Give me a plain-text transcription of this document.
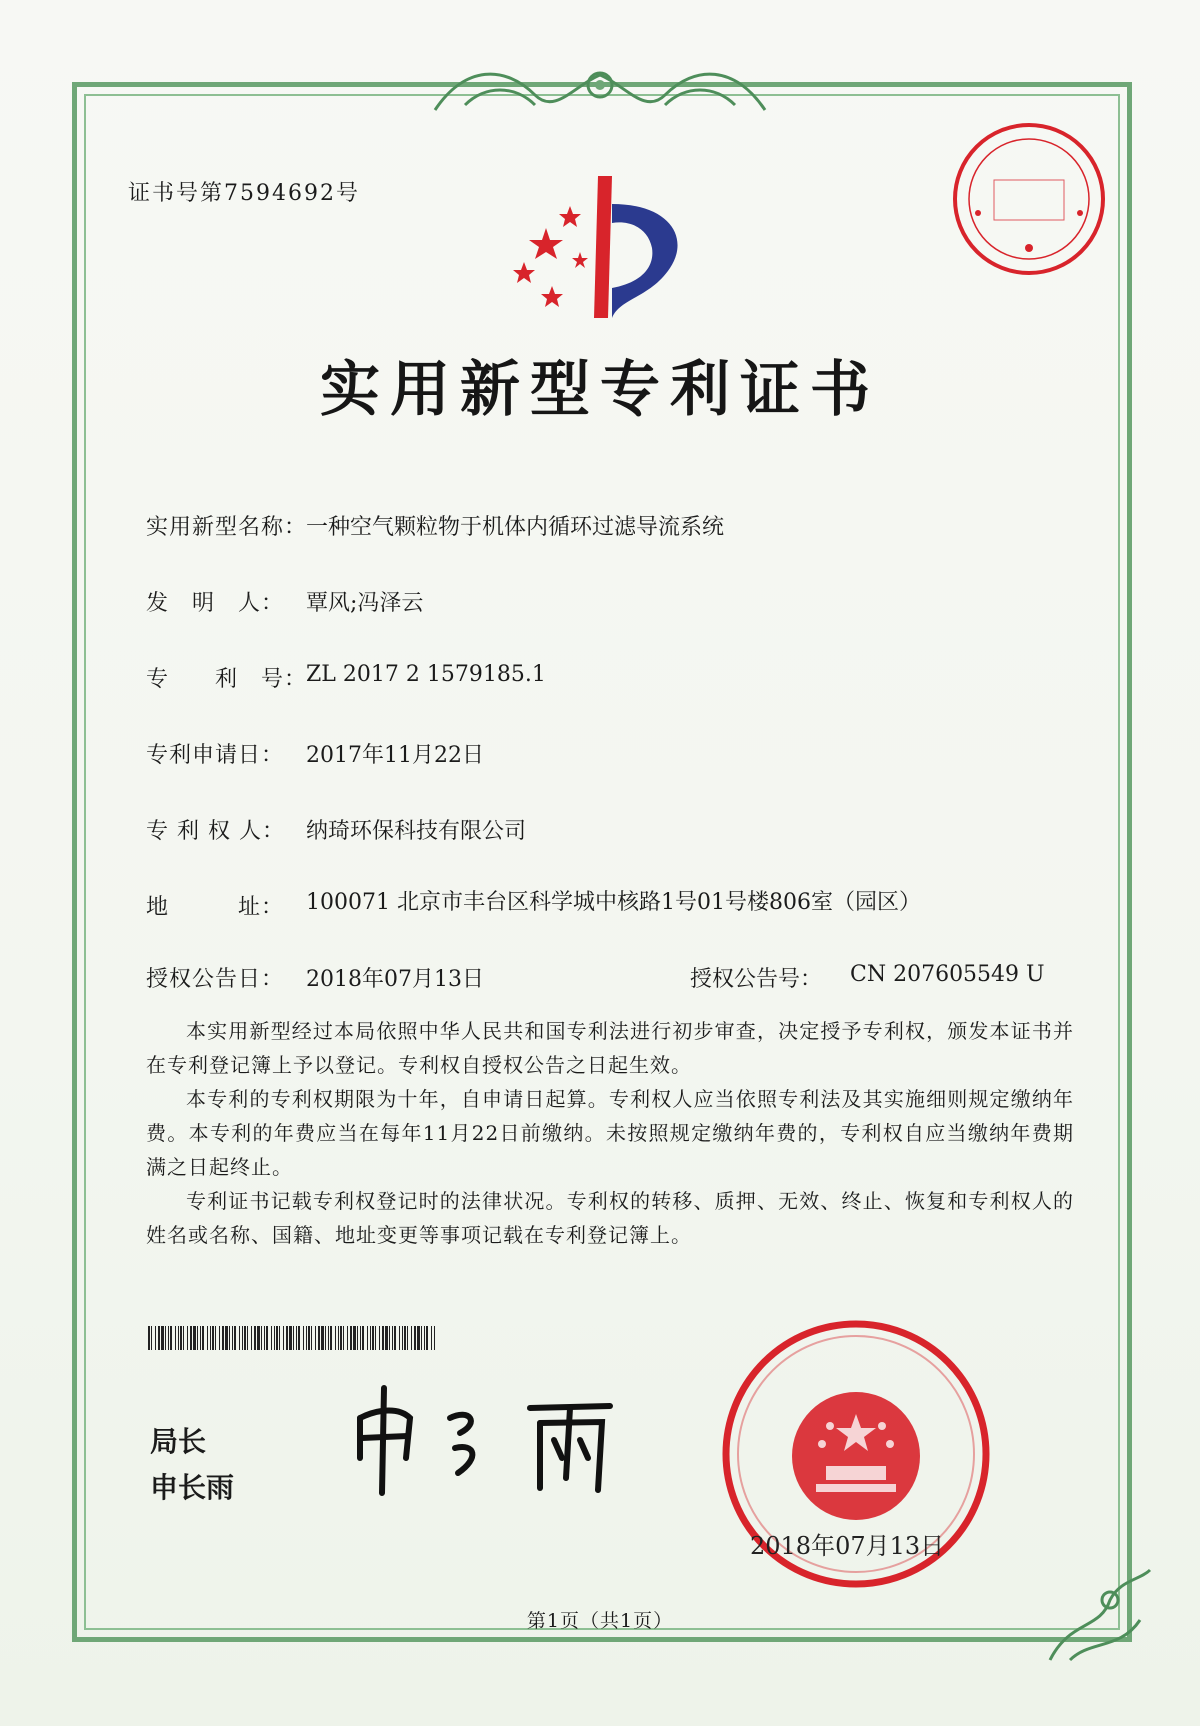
证书号第7594692号
实用新型专利证书
实用新型名称：
一种空气颗粒物于机体内循环过滤导流系统
发　明　人： 覃风;冯泽云
专　　利　号：
ZL 2017 2 1579185.1
专利申请日： 2017年11月22日
专 利 权 人： 纳琦环保科技有限公司
地　　　址： 100071 北京市丰台区科学城中核路1号01号楼806室（园区）
授权公告日： 2018年07月13日	授权公告号：	CN 207605549 U

本实用新型经过本局依照中华人民共和国专利法进行初步审查，决定授予专利权，颁发本证书并在专利登记簿上予以登记。专利权自授权公告之日起生效。

本专利的专利权期限为十年，自申请日起算。专利权人应当依照专利法及其实施细则规定缴纳年费。本专利的年费应当在每年11月22日前缴纳。未按照规定缴纳年费的，专利权自应当缴纳年费期满之日起终止。

专利证书记载专利权登记时的法律状况。专利权的转移、质押、无效、终止、恢复和专利权人的姓名或名称、国籍、地址变更等事项记载在专利登记簿上。

局长
申长雨
2018年07月13日
第1页（共1页）
